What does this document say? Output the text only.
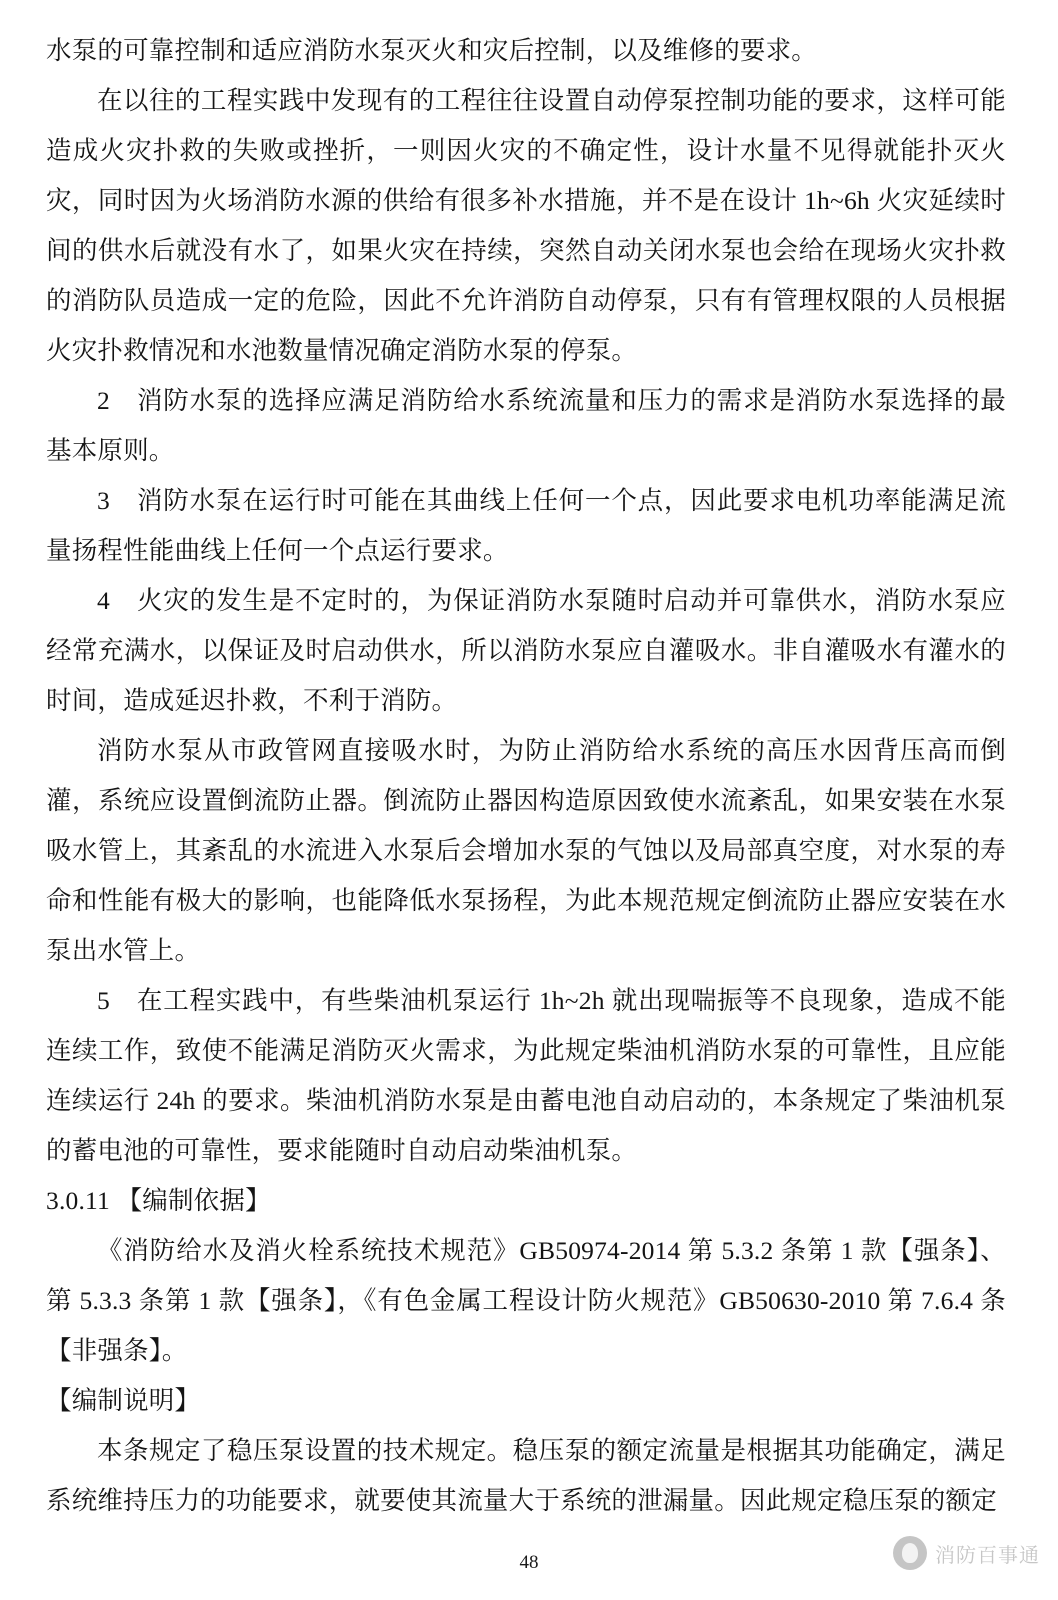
水泵的可靠控制和适应消防水泵灭火和灾后控制，以及维修的要求。

在以往的工程实践中发现有的工程往往设置自动停泵控制功能的要求，这样可能造成火灾扑救的失败或挫折，一则因火灾的不确定性，设计水量不见得就能扑灭火灾，同时因为火场消防水源的供给有很多补水措施，并不是在设计 1h~6h 火灾延续时间的供水后就没有水了，如果火灾在持续，突然自动关闭水泵也会给在现场火灾扑救的消防队员造成一定的危险，因此不允许消防自动停泵，只有有管理权限的人员根据火灾扑救情况和水池数量情况确定消防水泵的停泵。

2　消防水泵的选择应满足消防给水系统流量和压力的需求是消防水泵选择的最基本原则。

3　消防水泵在运行时可能在其曲线上任何一个点，因此要求电机功率能满足流量扬程性能曲线上任何一个点运行要求。

4　火灾的发生是不定时的，为保证消防水泵随时启动并可靠供水，消防水泵应经常充满水，以保证及时启动供水，所以消防水泵应自灌吸水。非自灌吸水有灌水的时间，造成延迟扑救，不利于消防。

消防水泵从市政管网直接吸水时，为防止消防给水系统的高压水因背压高而倒灌，系统应设置倒流防止器。倒流防止器因构造原因致使水流紊乱，如果安装在水泵吸水管上，其紊乱的水流进入水泵后会增加水泵的气蚀以及局部真空度，对水泵的寿命和性能有极大的影响，也能降低水泵扬程，为此本规范规定倒流防止器应安装在水泵出水管上。

5　在工程实践中，有些柴油机泵运行 1h~2h 就出现喘振等不良现象，造成不能连续工作，致使不能满足消防灭火需求，为此规定柴油机消防水泵的可靠性，且应能连续运行 24h 的要求。柴油机消防水泵是由蓄电池自动启动的，本条规定了柴油机泵的蓄电池的可靠性，要求能随时自动启动柴油机泵。

3.0.11 【编制依据】

《消防给水及消火栓系统技术规范》GB50974-2014 第 5.3.2 条第 1 款【强条】、第 5.3.3 条第 1 款【强条】，《有色金属工程设计防火规范》GB50630-2010 第 7.6.4 条【非强条】。

【编制说明】

本条规定了稳压泵设置的技术规定。稳压泵的额定流量是根据其功能确定，满足系统维持压力的功能要求，就要使其流量大于系统的泄漏量。因此规定稳压泵的额定

48	消防百事通
